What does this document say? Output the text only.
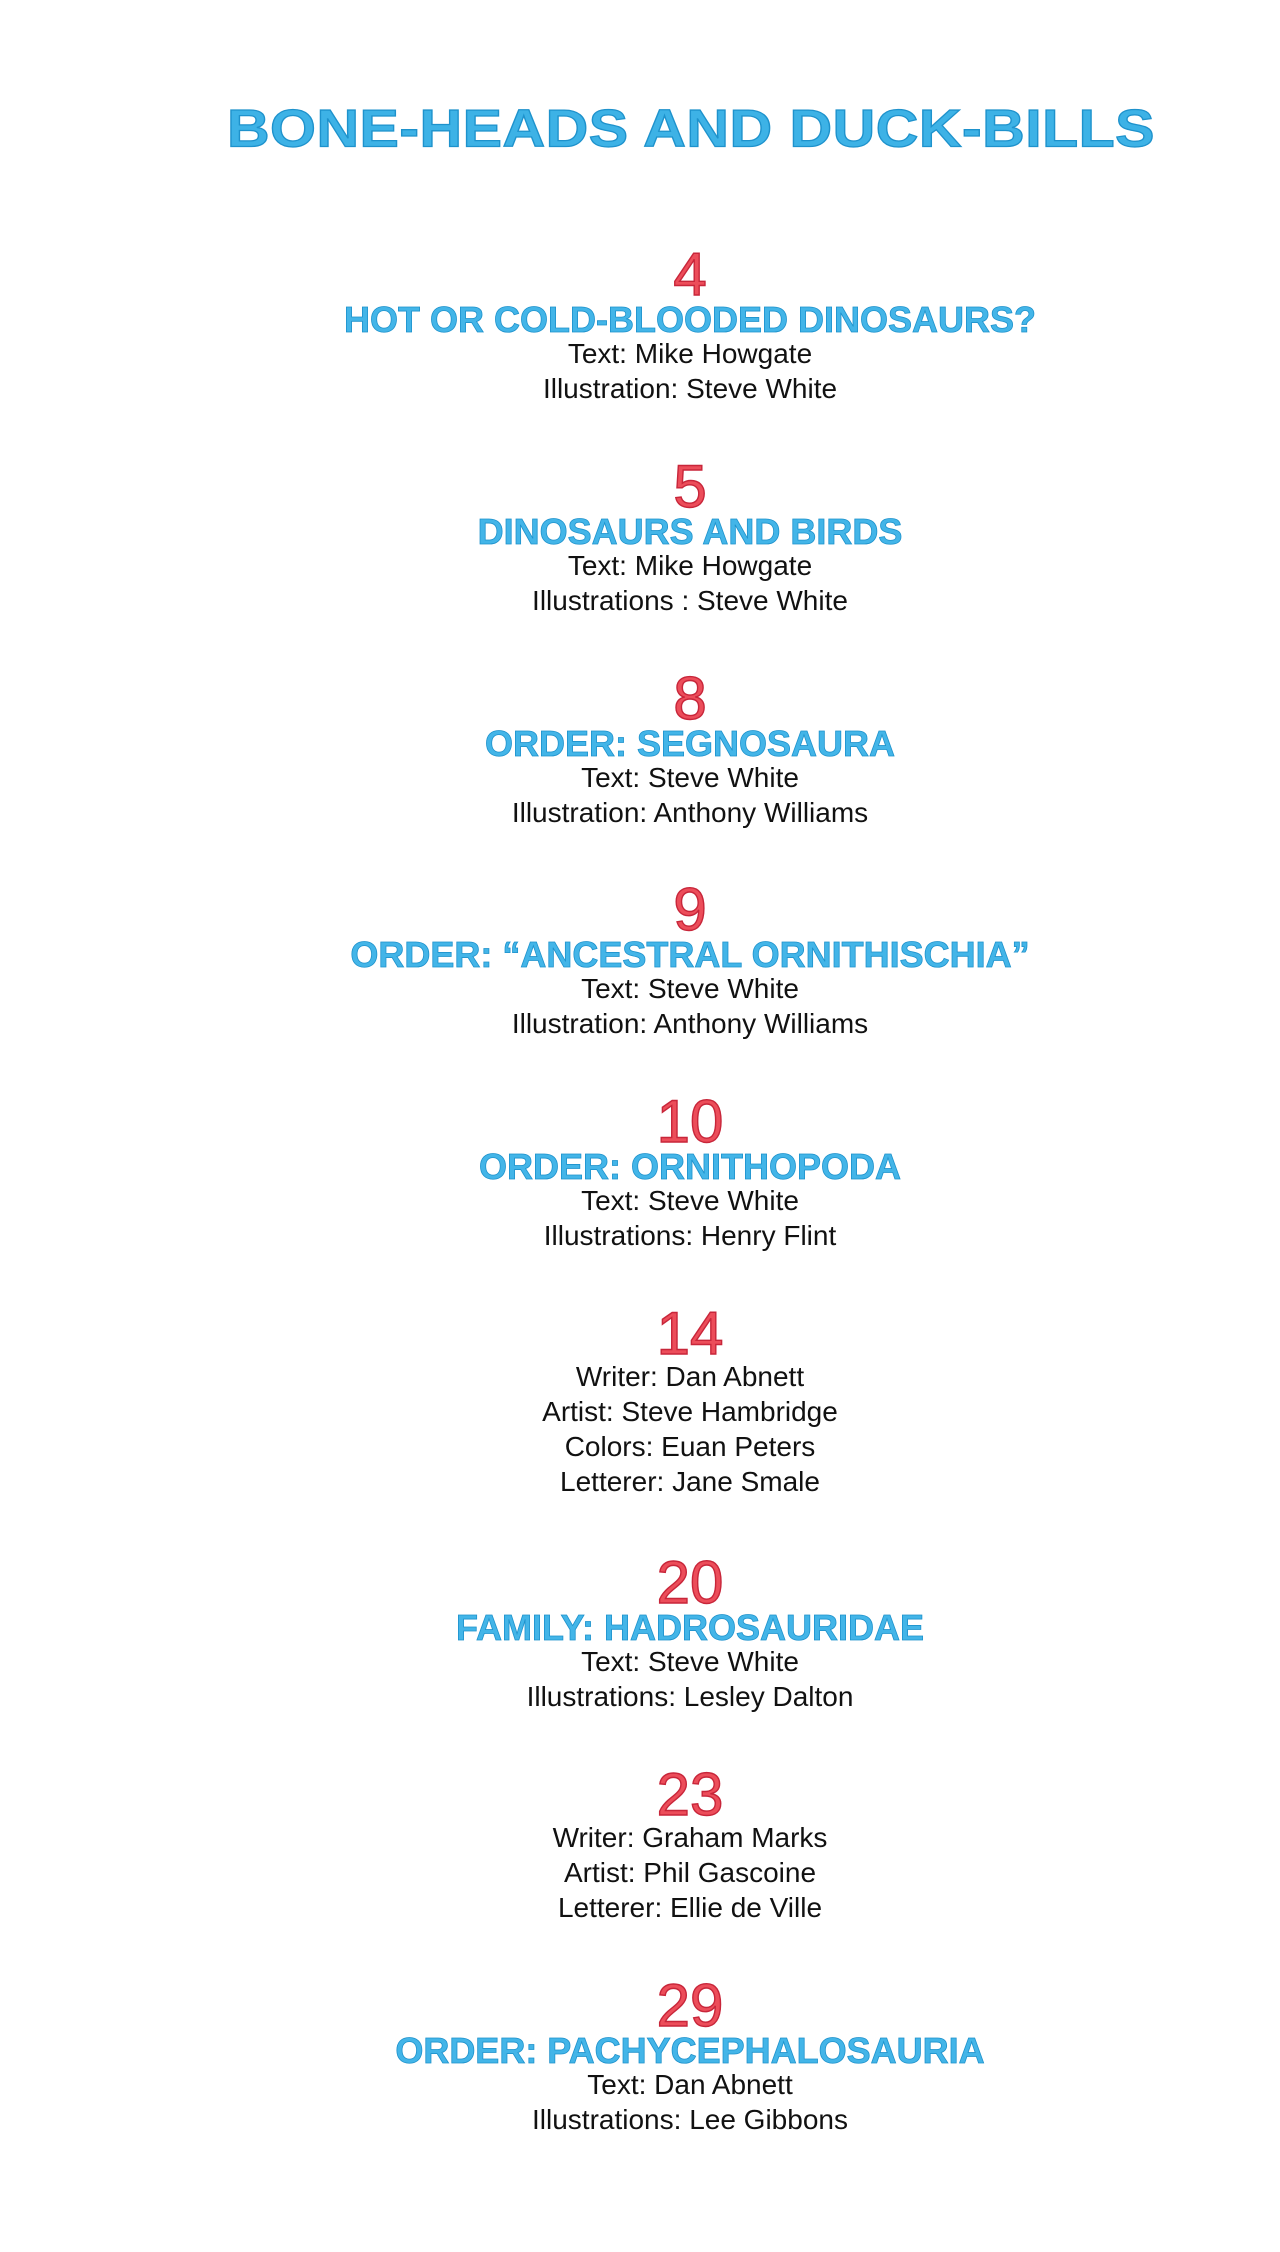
BONE-HEADS AND DUCK-BILLS
4
HOT OR COLD-BLOODED DINOSAURS?
Text: Mike Howgate
Illustration: Steve White
5
DINOSAURS AND BIRDS
Text: Mike Howgate
Illustrations : Steve White
8
ORDER: SEGNOSAURA
Text: Steve White
Illustration: Anthony Williams
9
ORDER: “ANCESTRAL ORNITHISCHIA”
Text: Steve White
Illustration: Anthony Williams
10
ORDER: ORNITHOPODA
Text: Steve White
Illustrations: Henry Flint
14
Writer: Dan Abnett
Artist: Steve Hambridge
Colors: Euan Peters
Letterer: Jane Smale
20
FAMILY: HADROSAURIDAE
Text: Steve White
Illustrations: Lesley Dalton
23
Writer: Graham Marks
Artist: Phil Gascoine
Letterer: Ellie de Ville
29
ORDER: PACHYCEPHALOSAURIA
Text: Dan Abnett
Illustrations: Lee Gibbons
